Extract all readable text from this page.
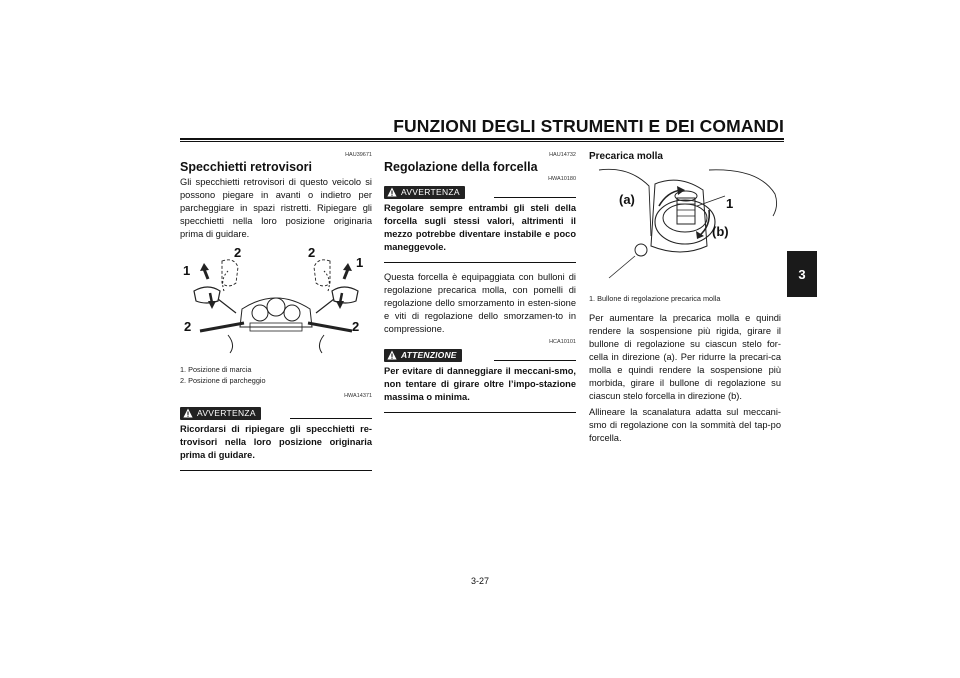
FUNZIONI DEGLI STRUMENTI E DEI COMANDI
3
HAU39671
Specchietti retrovisori

Gli specchietti retrovisori di questo veicolo si possono piegare in avanti o indietro per parcheggiare in spazi ristretti. Ripiegare gli specchietti nella loro posizione originaria prima di guidare.

1
2	2
1
2	2
1. Posizione di marcia
2. Posizione di parcheggio
HWA14371
AVVERTENZA
Ricordarsi di ripiegare gli specchietti re-trovisori nella loro posizione originaria prima di guidare.
HAU14732
Regolazione della forcella
HWA10180
AVVERTENZA
Regolare sempre entrambi gli steli della forcella sugli stessi valori, altrimenti il mezzo potrebbe diventare instabile e poco maneggevole.

Questa forcella è equipaggiata con bulloni di regolazione precarica molla, con pomelli di regolazione dello smorzamento in esten-sione e viti di regolazione dello smorzamen-to in compressione.

HCA10101
ATTENZIONE
Per evitare di danneggiare il meccani-smo, non tentare di girare oltre l’impo-stazione massima o minima.
Precarica molla
(a)	1
(b)
1. Bullone di regolazione precarica molla

Per aumentare la precarica molla e quindi rendere la sospensione più rigida, girare il bullone di regolazione su ciascun stelo for-cella in direzione (a). Per ridurre la precari-ca molla e quindi rendere la sospensione più morbida, girare il bullone di regolazione su ciascun stelo forcella in direzione (b).

Allineare la scanalatura adatta sul meccani-smo di regolazione con la sommità del tap-po forcella.

3-27
